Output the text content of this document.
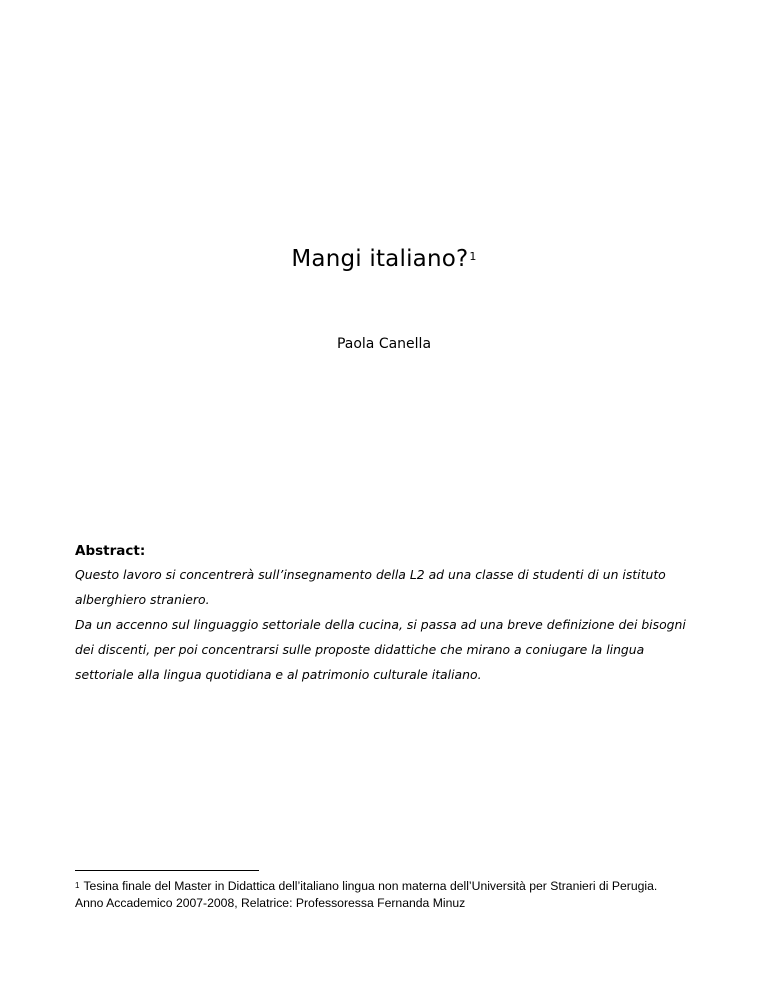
Mangi italiano?$^1$
Paola Canella

Abstract:

Questo lavoro si concentrerà sull’insegnamento della L2 ad una classe di studenti di un istituto alberghiero straniero.

Da un accenno sul linguaggio settoriale della cucina, si passa ad una breve definizione dei bisogni dei discenti, per poi concentrarsi sulle proposte didattiche che mirano a coniugare la lingua settoriale alla lingua quotidiana e al patrimonio culturale italiano.

$^1$ Tesina finale del Master in Didattica dell’italiano lingua non materna dell’Università per Stranieri di Perugia.
Anno Accademico 2007-2008, Relatrice: Professoressa Fernanda Minuz
